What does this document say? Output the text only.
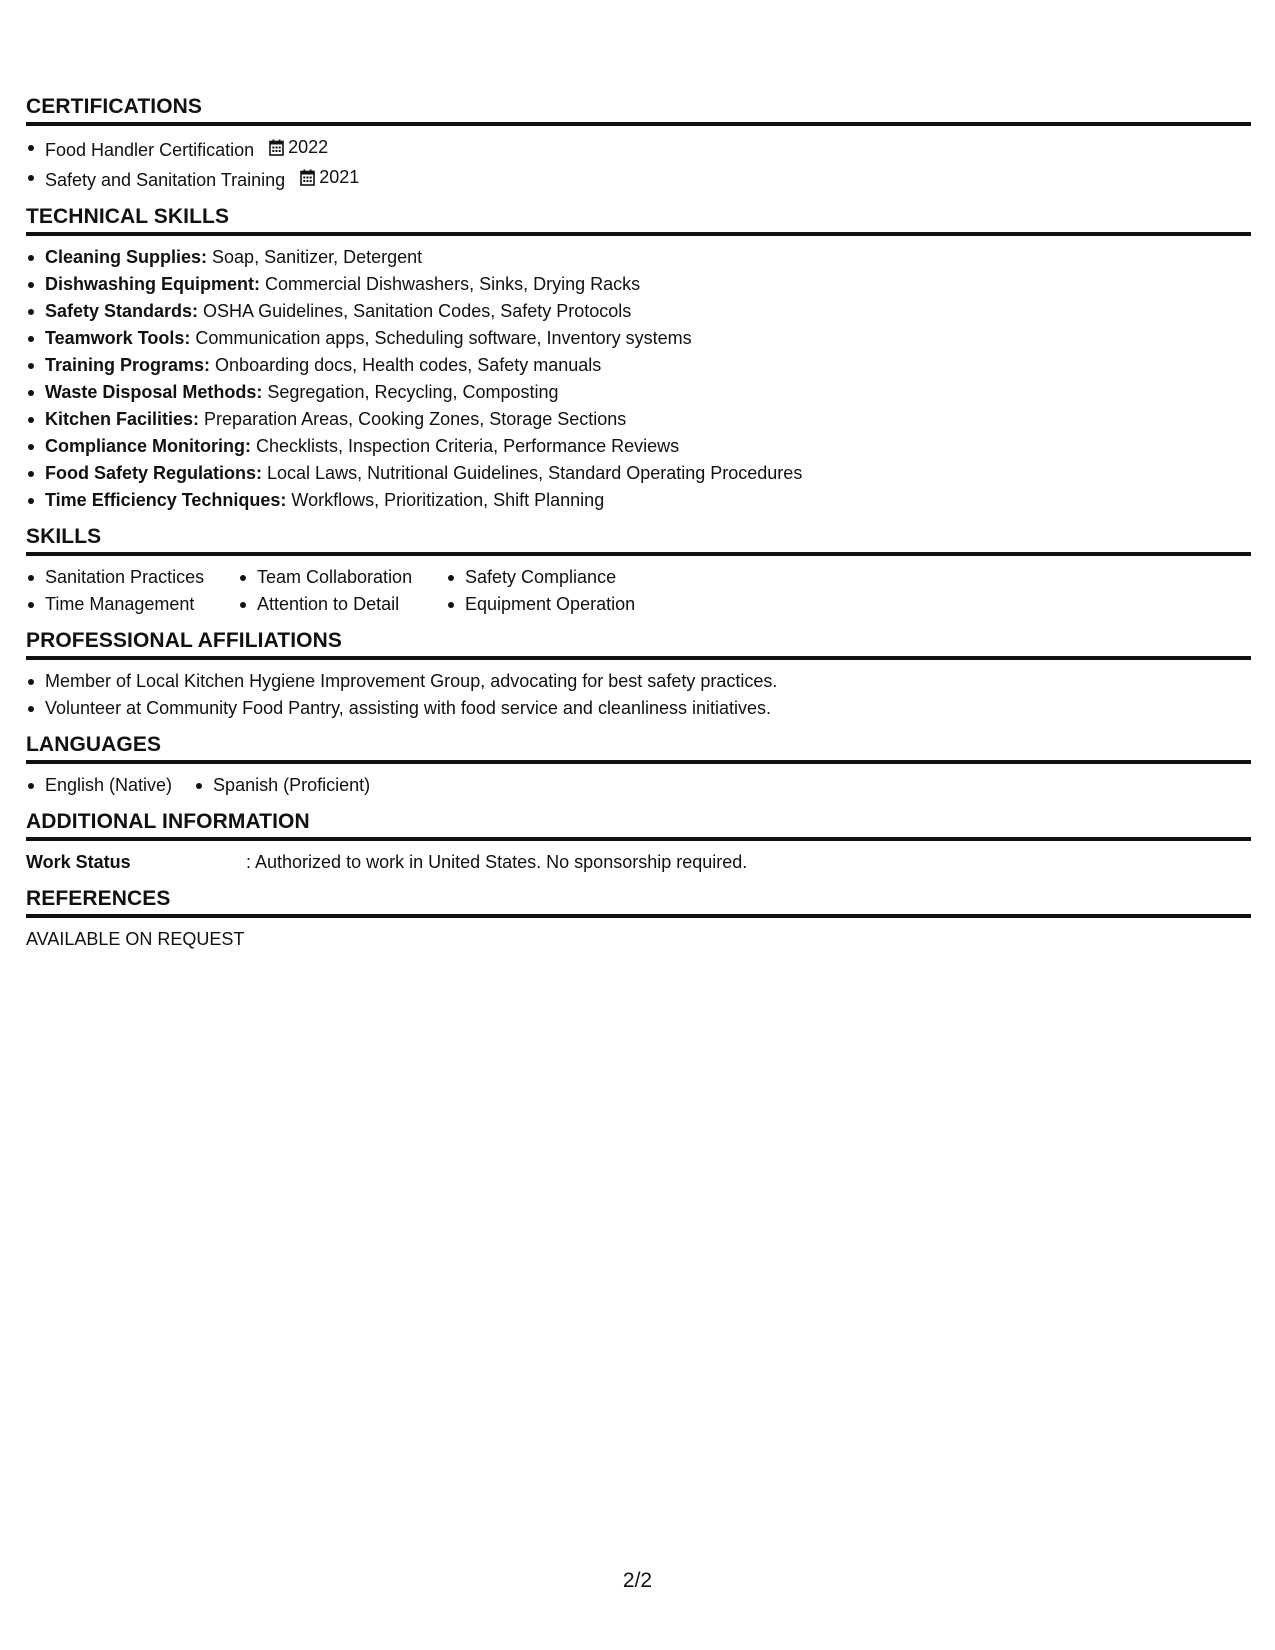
CERTIFICATIONS
Food Handler Certification 2022
Safety and Sanitation Training 2021
TECHNICAL SKILLS
Cleaning Supplies: Soap, Sanitizer, Detergent
Dishwashing Equipment: Commercial Dishwashers, Sinks, Drying Racks
Safety Standards: OSHA Guidelines, Sanitation Codes, Safety Protocols
Teamwork Tools: Communication apps, Scheduling software, Inventory systems
Training Programs: Onboarding docs, Health codes, Safety manuals
Waste Disposal Methods: Segregation, Recycling, Composting
Kitchen Facilities: Preparation Areas, Cooking Zones, Storage Sections
Compliance Monitoring: Checklists, Inspection Criteria, Performance Reviews
Food Safety Regulations: Local Laws, Nutritional Guidelines, Standard Operating Procedures
Time Efficiency Techniques: Workflows, Prioritization, Shift Planning
SKILLS
Sanitation Practices
Time Management
Team Collaboration
Attention to Detail
Safety Compliance
Equipment Operation
PROFESSIONAL AFFILIATIONS
Member of Local Kitchen Hygiene Improvement Group, advocating for best safety practices.
Volunteer at Community Food Pantry, assisting with food service and cleanliness initiatives.
LANGUAGES
English (Native)	Spanish (Proficient)
ADDITIONAL INFORMATION
Work Status	: Authorized to work in United States. No sponsorship required.
REFERENCES
AVAILABLE ON REQUEST
2/2
